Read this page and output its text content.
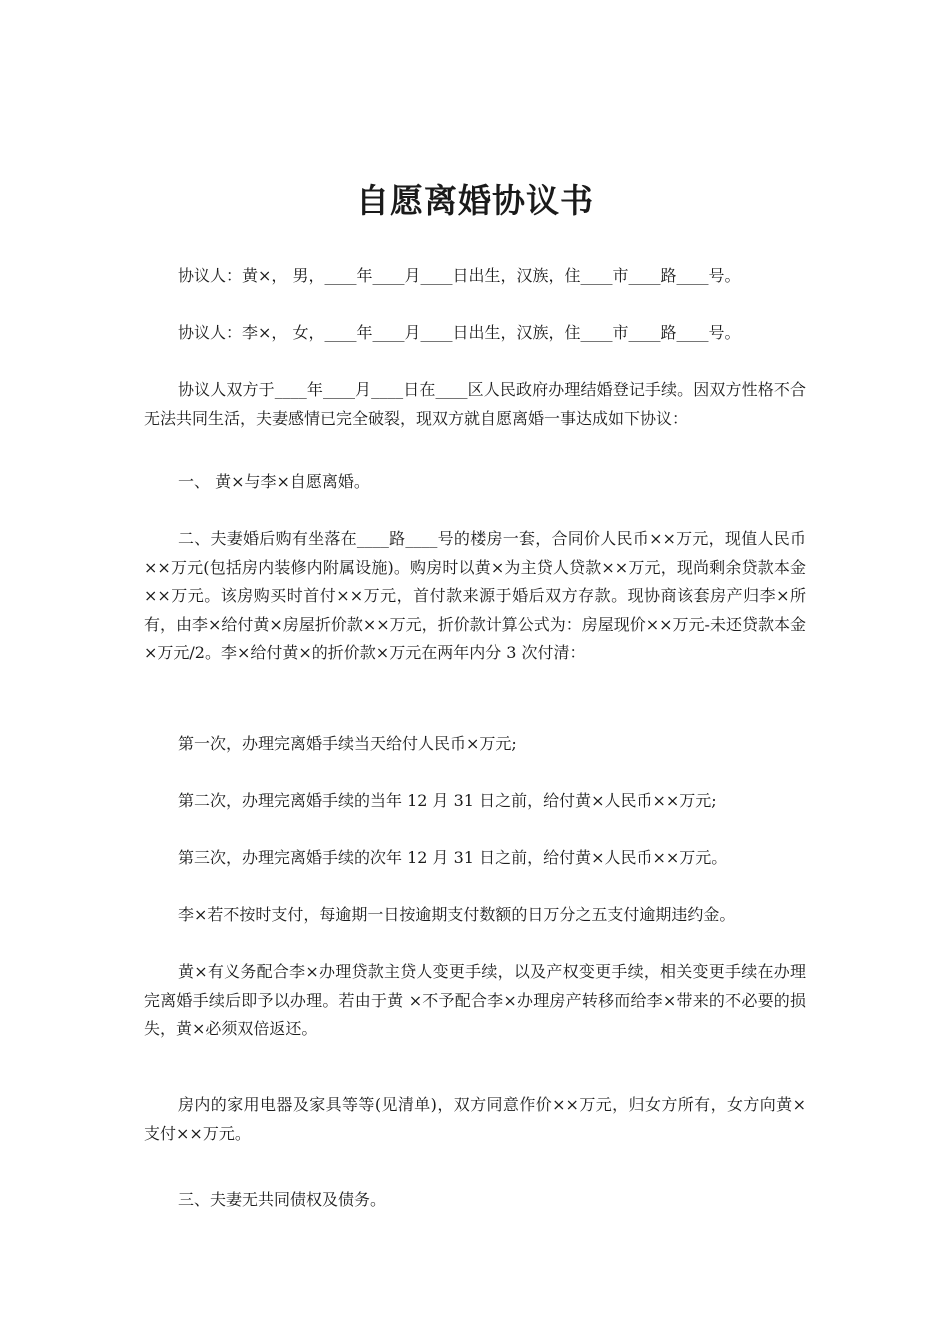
自愿离婚协议书

协议人：黄×， 男，____年____月____日出生，汉族，住____市____路____号。

协议人：李×， 女，____年____月____日出生，汉族，住____市____路____号。

协议人双方于____年____月____日在____区人民政府办理结婚登记手续。因双方性格不合无法共同生活，夫妻感情已完全破裂，现双方就自愿离婚一事达成如下协议：

一、 黄×与李×自愿离婚。

二、夫妻婚后购有坐落在____路____号的楼房一套，合同价人民币××万元，现值人民币××万元(包括房内装修内附属设施)。购房时以黄×为主贷人贷款××万元，现尚剩余贷款本金××万元。该房购买时首付××万元，首付款来源于婚后双方存款。现协商该套房产归李×所有，由李×给付黄×房屋折价款××万元，折价款计算公式为：房屋现价××万元-未还贷款本金×万元/2。李×给付黄×的折价款×万元在两年内分 3 次付清：

第一次，办理完离婚手续当天给付人民币×万元;

第二次，办理完离婚手续的当年 12 月 31 日之前，给付黄×人民币××万元;

第三次，办理完离婚手续的次年 12 月 31 日之前，给付黄×人民币××万元。

李×若不按时支付，每逾期一日按逾期支付数额的日万分之五支付逾期违约金。

黄×有义务配合李×办理贷款主贷人变更手续，以及产权变更手续，相关变更手续在办理完离婚手续后即予以办理。若由于黄 ×不予配合李×办理房产转移而给李×带来的不必要的损失，黄×必须双倍返还。

房内的家用电器及家具等等(见清单)，双方同意作价××万元，归女方所有，女方向黄×支付××万元。

三、夫妻无共同债权及债务。
